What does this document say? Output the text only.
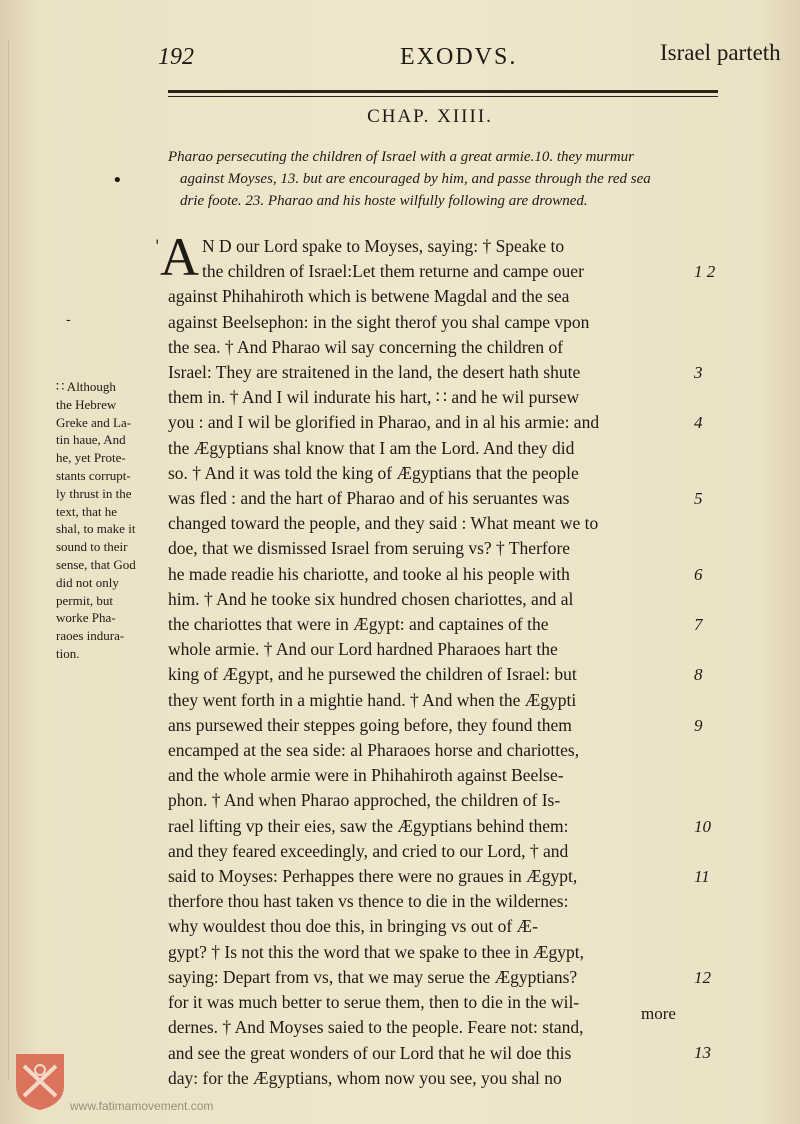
192	EXODVS.	Israel parteth
CHAP. XIIII.
Pharao persecuting the children of Israel with a great armie.10. they murmur
against Moyses, 13. but are encouraged by him, and passe through the red sea
drie foote. 23. Pharao and his hoste wilfully following are drowned.
•
'
-
A N D our Lord spake to Moyses, saying: † Speake to
the children of Israel:Let them returne and campe ouer
against Phihahiroth which is betwene Magdal and the sea
against Beelsephon: in the sight therof you shal campe vpon
the sea. † And Pharao wil say concerning the children of
Israel: They are straitened in the land, the desert hath shute
them in. † And I wil indurate his hart, ∷ and he wil pursew
you : and I wil be glorified in Pharao, and in al his armie: and
the Ægyptians shal know that I am the Lord. And they did
so. † And it was told the king of Ægyptians that the people
was fled : and the hart of Pharao and of his seruantes was
changed toward the people, and they said : What meant we to
doe, that we dismissed Israel from seruing vs? † Therfore
he made readie his chariotte, and tooke al his people with
him. † And he tooke six hundred chosen chariottes, and al
the chariottes that were in Ægypt: and captaines of the
whole armie. † And our Lord hardned Pharaoes hart the
king of Ægypt, and he pursewed the children of Israel: but
they went forth in a mightie hand. † And when the Ægypti
ans pursewed their steppes going before, they found them
encamped at the sea side: al Pharaoes horse and chariottes,
and the whole armie were in Phihahiroth against Beelse-
phon. † And when Pharao approched, the children of Is-
rael lifting vp their eies, saw the Ægyptians behind them:
and they feared exceedingly, and cried to our Lord, † and
said to Moyses: Perhappes there were no graues in Ægypt,
therfore thou hast taken vs thence to die in the wildernes:
why wouldest thou doe this, in bringing vs out of Æ-
gypt? † Is not this the word that we spake to thee in Ægypt,
saying: Depart from vs, that we may serue the Ægyptians?
for it was much better to serue them, then to die in the wil-
dernes. † And Moyses saied to the people. Feare not: stand,
and see the great wonders of our Lord that he wil doe this
day: for the Ægyptians, whom now you see, you shal no
1 2
3
4
5
6
7
8
9
10
11
12
13
∷ Although
the Hebrew
Greke and La-
tin haue, And
he, yet Prote-
stants corrupt-
ly thrust in the
text, that he
shal, to make it
sound to their
sense, that God
did not only
permit, but
worke Pha-
raoes indura-
tion.
more
www.fatimamovement.com
